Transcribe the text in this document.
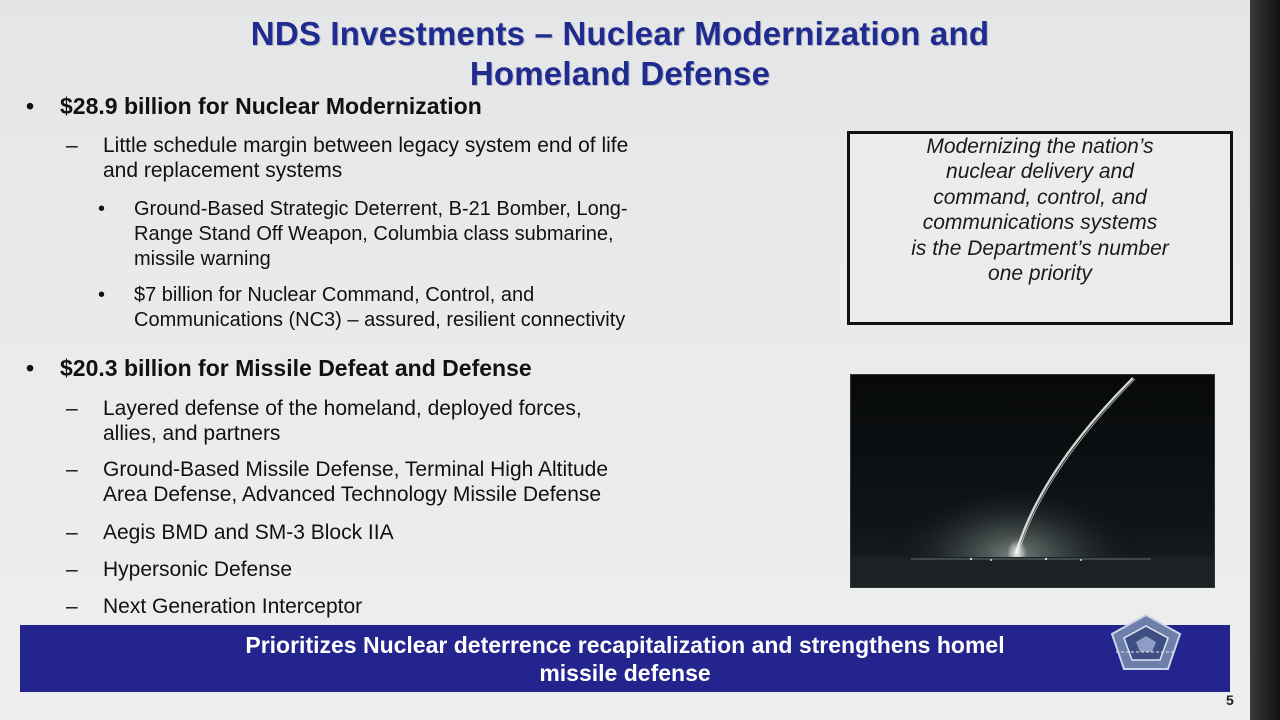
NDS Investments – Nuclear Modernization and
Homeland Defense
• $28.9 billion for Nuclear Modernization
– Little schedule margin between legacy system end of life
and replacement systems
• Ground-Based Strategic Deterrent, B-21 Bomber, Long-
Range Stand Off Weapon, Columbia class submarine,
missile warning
• $7 billion for Nuclear Command, Control, and
Communications (NC3) – assured, resilient connectivity
• $20.3 billion for Missile Defeat and Defense
– Layered defense of the homeland, deployed forces,
allies, and partners
– Ground-Based Missile Defense, Terminal High Altitude
Area Defense, Advanced Technology Missile Defense
– Aegis BMD and SM-3 Block IIA
– Hypersonic Defense
– Next Generation Interceptor
Modernizing the nation’s
nuclear delivery and
command, control, and
communications systems
is the Department’s number
one priority
Prioritizes Nuclear deterrence recapitalization and strengthens homel
missile defense
5
